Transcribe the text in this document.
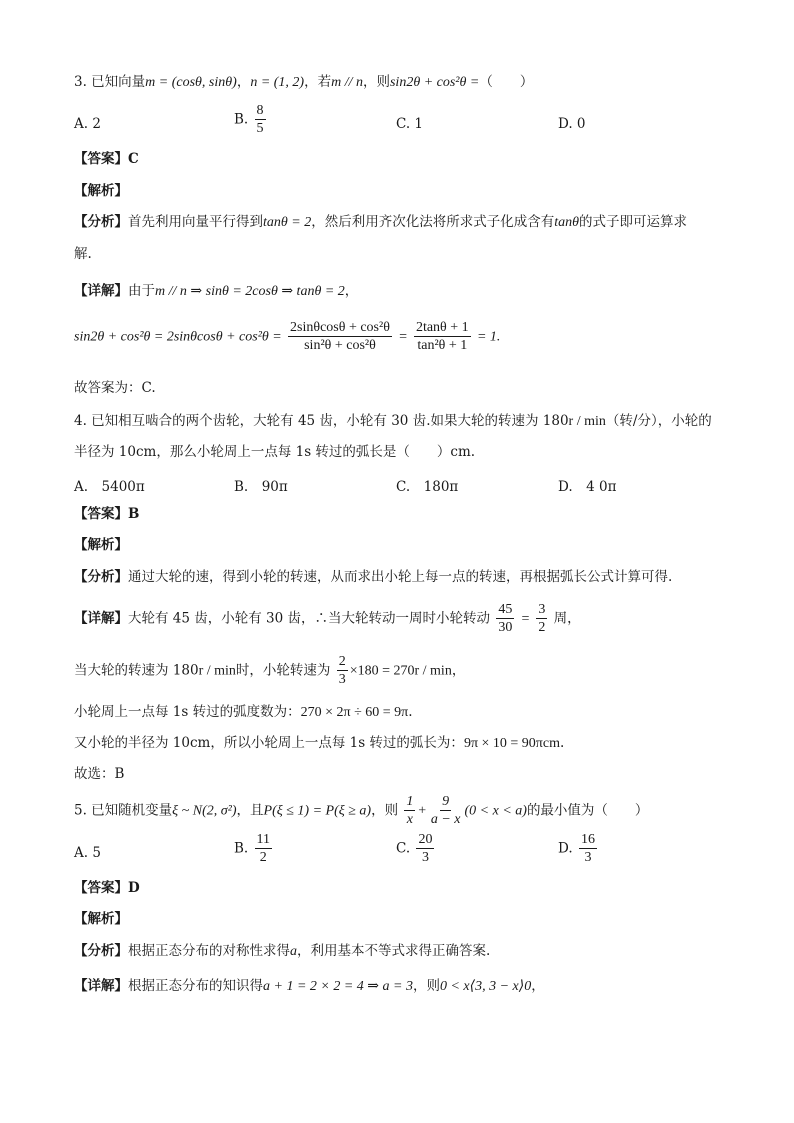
3. 已知向量m = (cosθ, sinθ)，n = (1, 2)，若m // n，则sin2θ + cos²θ =（　　）
A. 2	B. $\frac{8}{5}$	C. 1	D. 0
【答案】C
【解析】
【分析】首先利用向量平行得到tanθ = 2，然后利用齐次化法将所求式子化成含有tanθ的式子即可运算求
解.
【详解】由于m // n ⇒ sinθ = 2cosθ ⇒ tanθ = 2，
$\sin 2\theta + \cos^2\theta = 2\sin\theta\cos\theta + \cos^2\theta = \frac{\text{2sinθcosθ + cos²θ}}{\text{sin²θ + cos²θ}} = \frac{2\tan\theta + 1}{\text{tan²θ + 1}} = 1$.
故答案为：C.
4. 已知相互啮合的两个齿轮，大轮有 45 齿，小轮有 30 齿.如果大轮的转速为 180r / min（转/分），小轮的
半径为 10cm，那么小轮周上一点每 1s 转过的弧长是（　　）cm.
A.　5400π	B.　90π	C.　180π	D.　4 0π
【答案】B
【解析】
【分析】通过大轮的速，得到小轮的转速，从而求出小轮上每一点的转速，再根据弧长公式计算可得.
【详解】大轮有 45 齿，小轮有 30 齿，∴当大轮转动一周时小轮转动 $\frac{45}{30} = \frac{3}{2}$ 周，
当大轮的转速为 180r / min时，小轮转速为 $\frac{2}{3} \times 180 = 270r / \min$，
小轮周上一点每 1s 转过的弧度数为：270 × 2π ÷ 60 = 9π.
又小轮的半径为 10cm，所以小轮周上一点每 1s 转过的弧长为：9π × 10 = 90πcm.
故选：B
5. 已知随机变量ξ ~ N(2, σ²)，且P(ξ ≤ 1) = P(ξ ≥ a)，则 $\frac{1}{x} + \frac{9}{a - x} (0 < x < a)$的最小值为（　　）
A. 5	B. $\frac{11}{2}$	C. $\frac{20}{3}$	D. $\frac{16}{3}$
【答案】D
【解析】
【分析】根据正态分布的对称性求得a，利用基本不等式求得正确答案.
【详解】根据正态分布的知识得a + 1 = 2 × 2 = 4 ⇒ a = 3，则0 < x⟨3, 3 − x⟩0，
